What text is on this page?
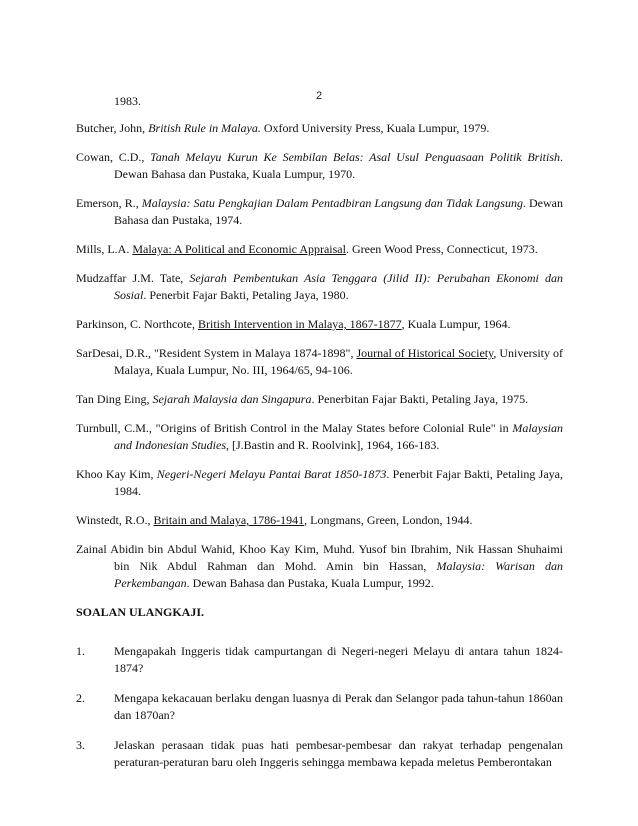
2
1983.
Butcher, John, British Rule in Malaya. Oxford University Press, Kuala Lumpur, 1979.
Cowan, C.D., Tanah Melayu Kurun Ke Sembilan Belas: Asal Usul Penguasaan Politik British. Dewan Bahasa dan Pustaka, Kuala Lumpur, 1970.
Emerson, R., Malaysia: Satu Pengkajian Dalam Pentadbiran Langsung dan Tidak Langsung. Dewan Bahasa dan Pustaka, 1974.
Mills, L.A. Malaya: A Political and Economic Appraisal. Green Wood Press, Connecticut, 1973.
Mudzaffar J.M. Tate, Sejarah Pembentukan Asia Tenggara (Jilid II): Perubahan Ekonomi dan Sosial. Penerbit Fajar Bakti, Petaling Jaya, 1980.
Parkinson, C. Northcote, British Intervention in Malaya, 1867-1877, Kuala Lumpur, 1964.
SarDesai, D.R., "Resident System in Malaya 1874-1898", Journal of Historical Society, University of Malaya, Kuala Lumpur, No. III, 1964/65, 94-106.
Tan Ding Eing, Sejarah Malaysia dan Singapura. Penerbitan Fajar Bakti, Petaling Jaya, 1975.
Turnbull, C.M., "Origins of British Control in the Malay States before Colonial Rule" in Malaysian and Indonesian Studies, [J.Bastin and R. Roolvink], 1964, 166-183.
Khoo Kay Kim, Negeri-Negeri Melayu Pantai Barat 1850-1873. Penerbit Fajar Bakti, Petaling Jaya, 1984.
Winstedt, R.O., Britain and Malaya, 1786-1941, Longmans, Green, London, 1944.
Zainal Abidin bin Abdul Wahid, Khoo Kay Kim, Muhd. Yusof bin Ibrahim, Nik Hassan Shuhaimi bin Nik Abdul Rahman dan Mohd. Amin bin Hassan, Malaysia: Warisan dan Perkembangan. Dewan Bahasa dan Pustaka, Kuala Lumpur, 1992.
SOALAN ULANGKAJI.
1.	Mengapakah Inggeris tidak campurtangan di Negeri-negeri Melayu di antara tahun 1824-1874?
2.	Mengapa kekacauan berlaku dengan luasnya di Perak dan Selangor pada tahun-tahun 1860an dan 1870an?
3.	Jelaskan perasaan tidak puas hati pembesar-pembesar dan rakyat terhadap pengenalan peraturan-peraturan baru oleh Inggeris sehingga membawa kepada meletus Pemberontakan
